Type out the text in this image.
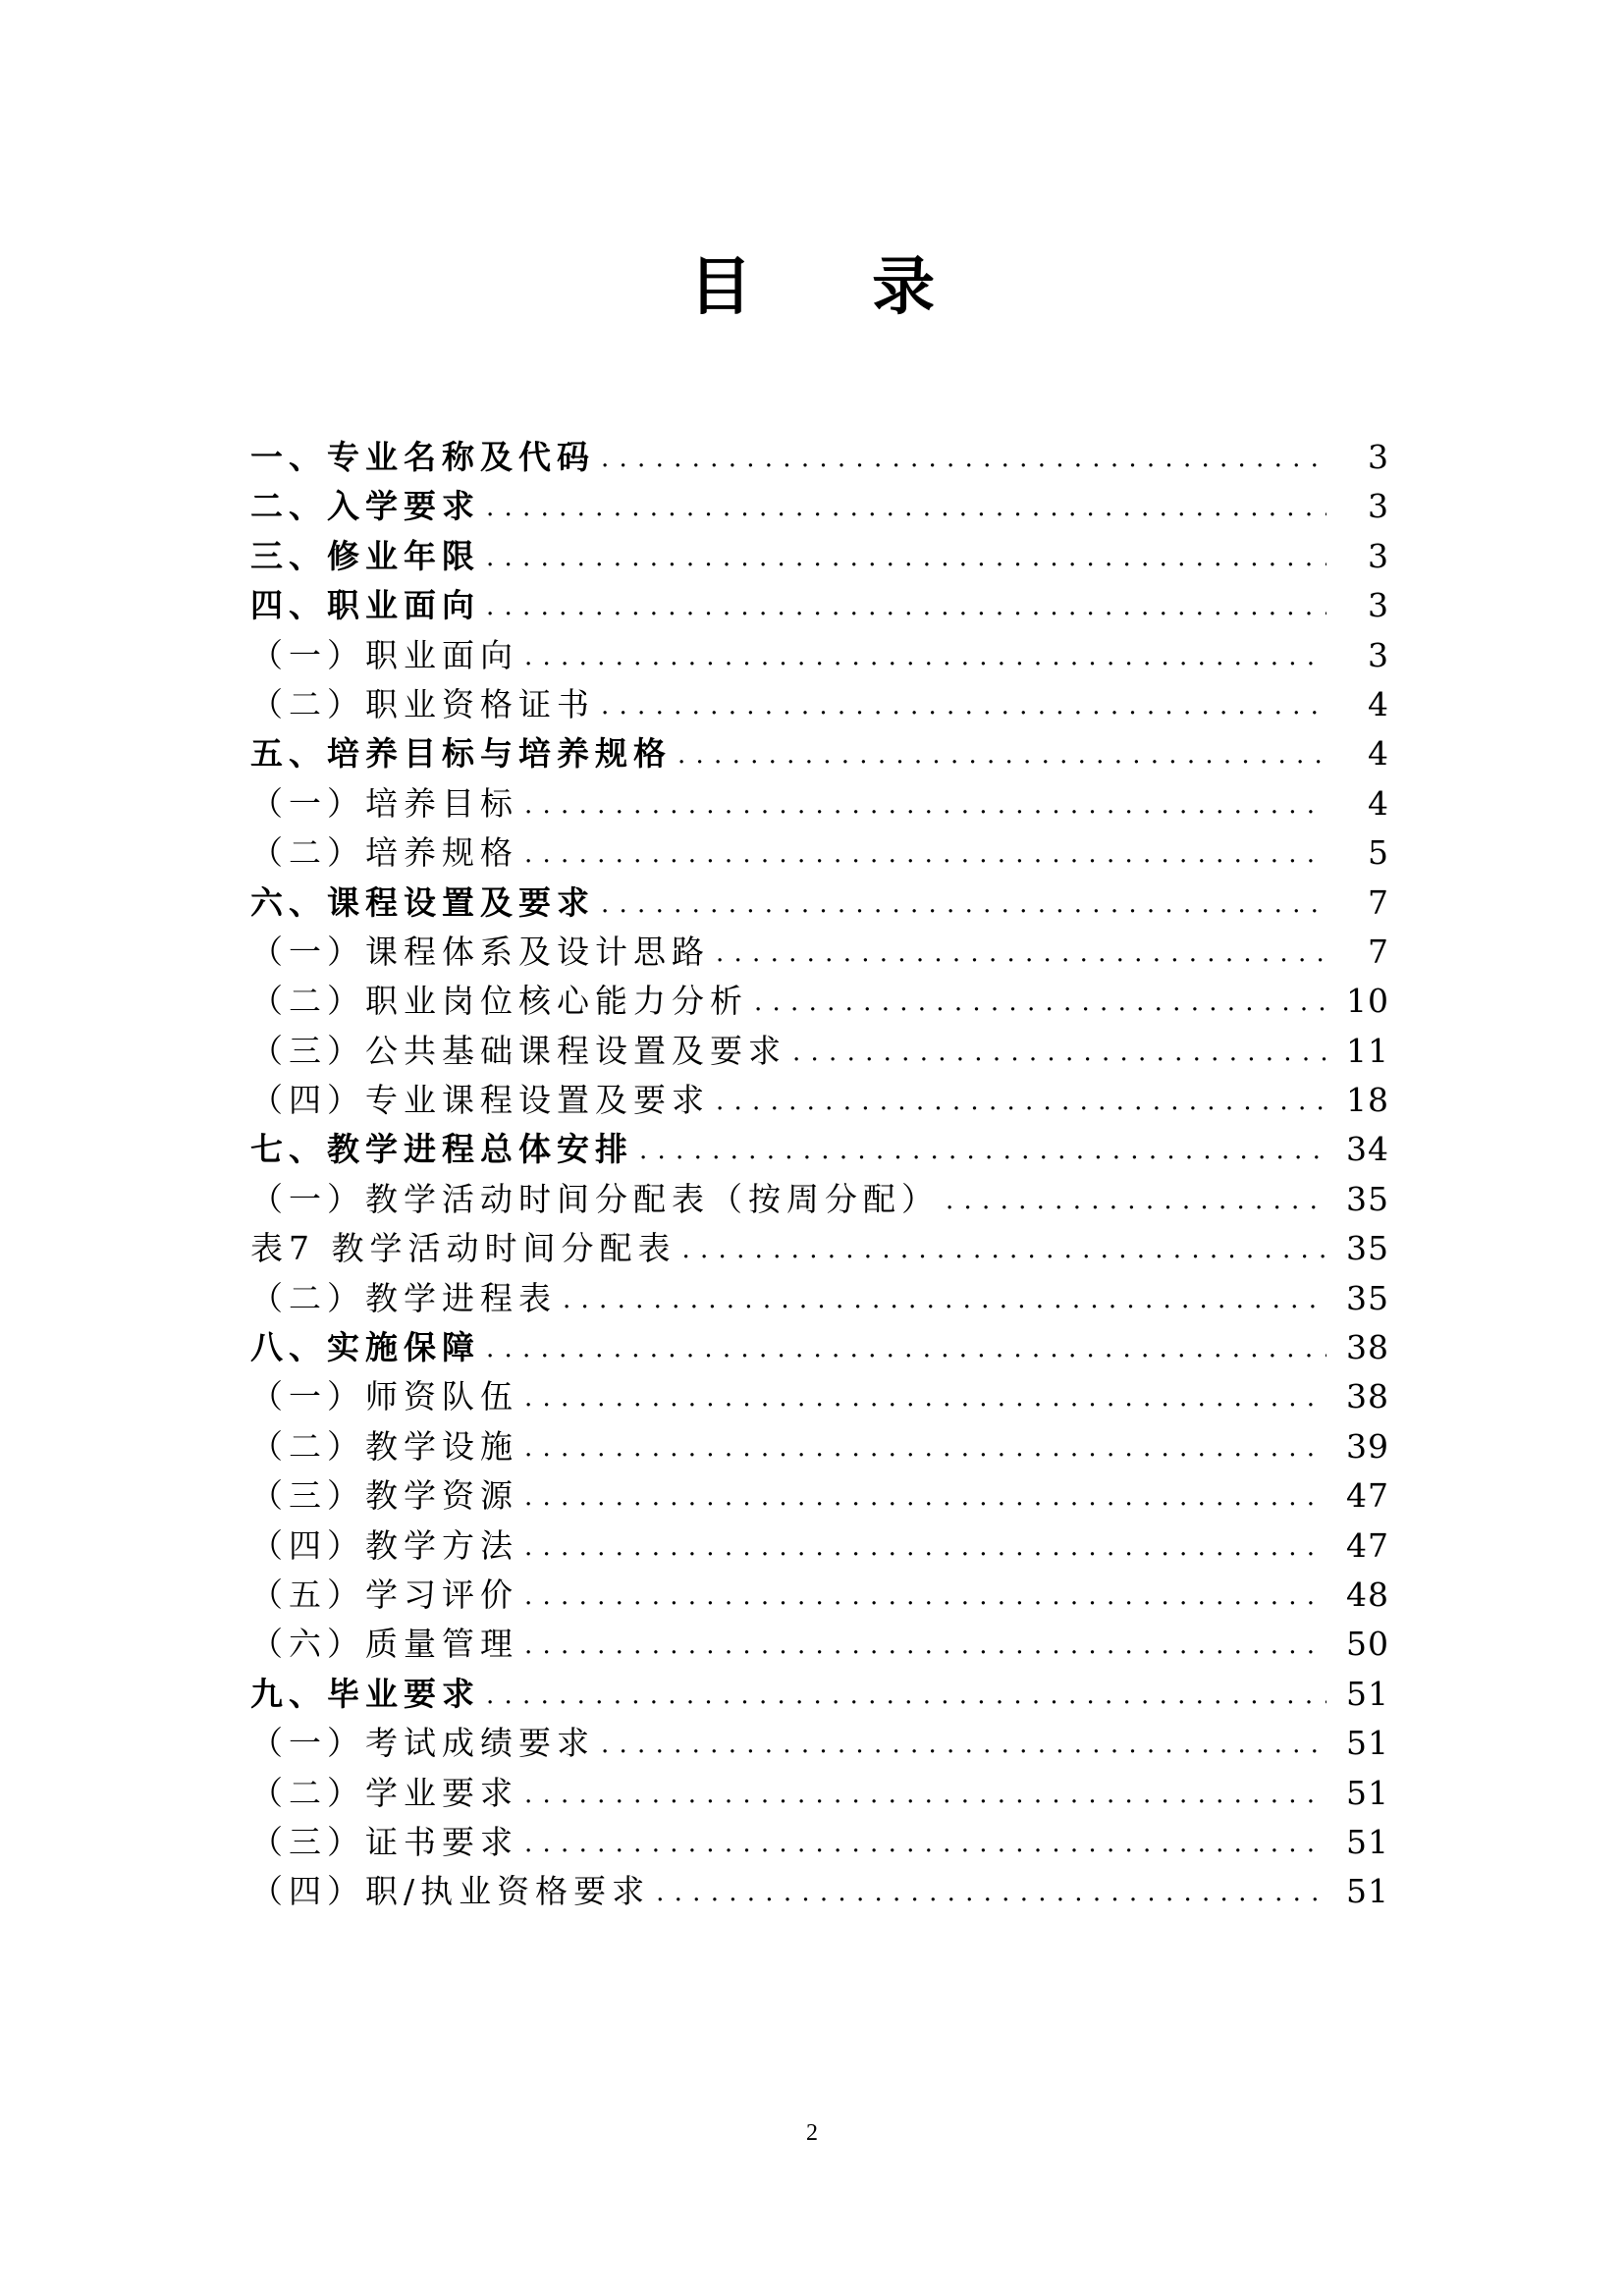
目 录
一、专业名称及代码 . . .	3
二、入学要求 . . .	3
三、修业年限 . . .	3
四、职业面向 . . .	3
（一）职业面向 . . .	3
（二）职业资格证书 . . .	4
五、培养目标与培养规格 . . .	4
（一）培养目标 . . .	4
（二）培养规格 . . .	5
六、课程设置及要求 . . .	7
（一）课程体系及设计思路 . . .	7
（二）职业岗位核心能力分析 . . .	10
（三）公共基础课程设置及要求 . . .	11
（四）专业课程设置及要求 . . .	18
七、教学进程总体安排 . . .	34
（一）教学活动时间分配表（按周分配） . . .	35
表7 教学活动时间分配表 . . .	35
（二）教学进程表 . . .	35
八、实施保障 . . .	38
（一）师资队伍 . . .	38
（二）教学设施 . . .	39
（三）教学资源 . . .	47
（四）教学方法 . . .	47
（五）学习评价 . . .	48
（六）质量管理 . . .	50
九、毕业要求 . . .	51
（一）考试成绩要求 . . .	51
（二）学业要求 . . .	51
（三）证书要求 . . .	51
（四）职/执业资格要求 . . .	51
2
